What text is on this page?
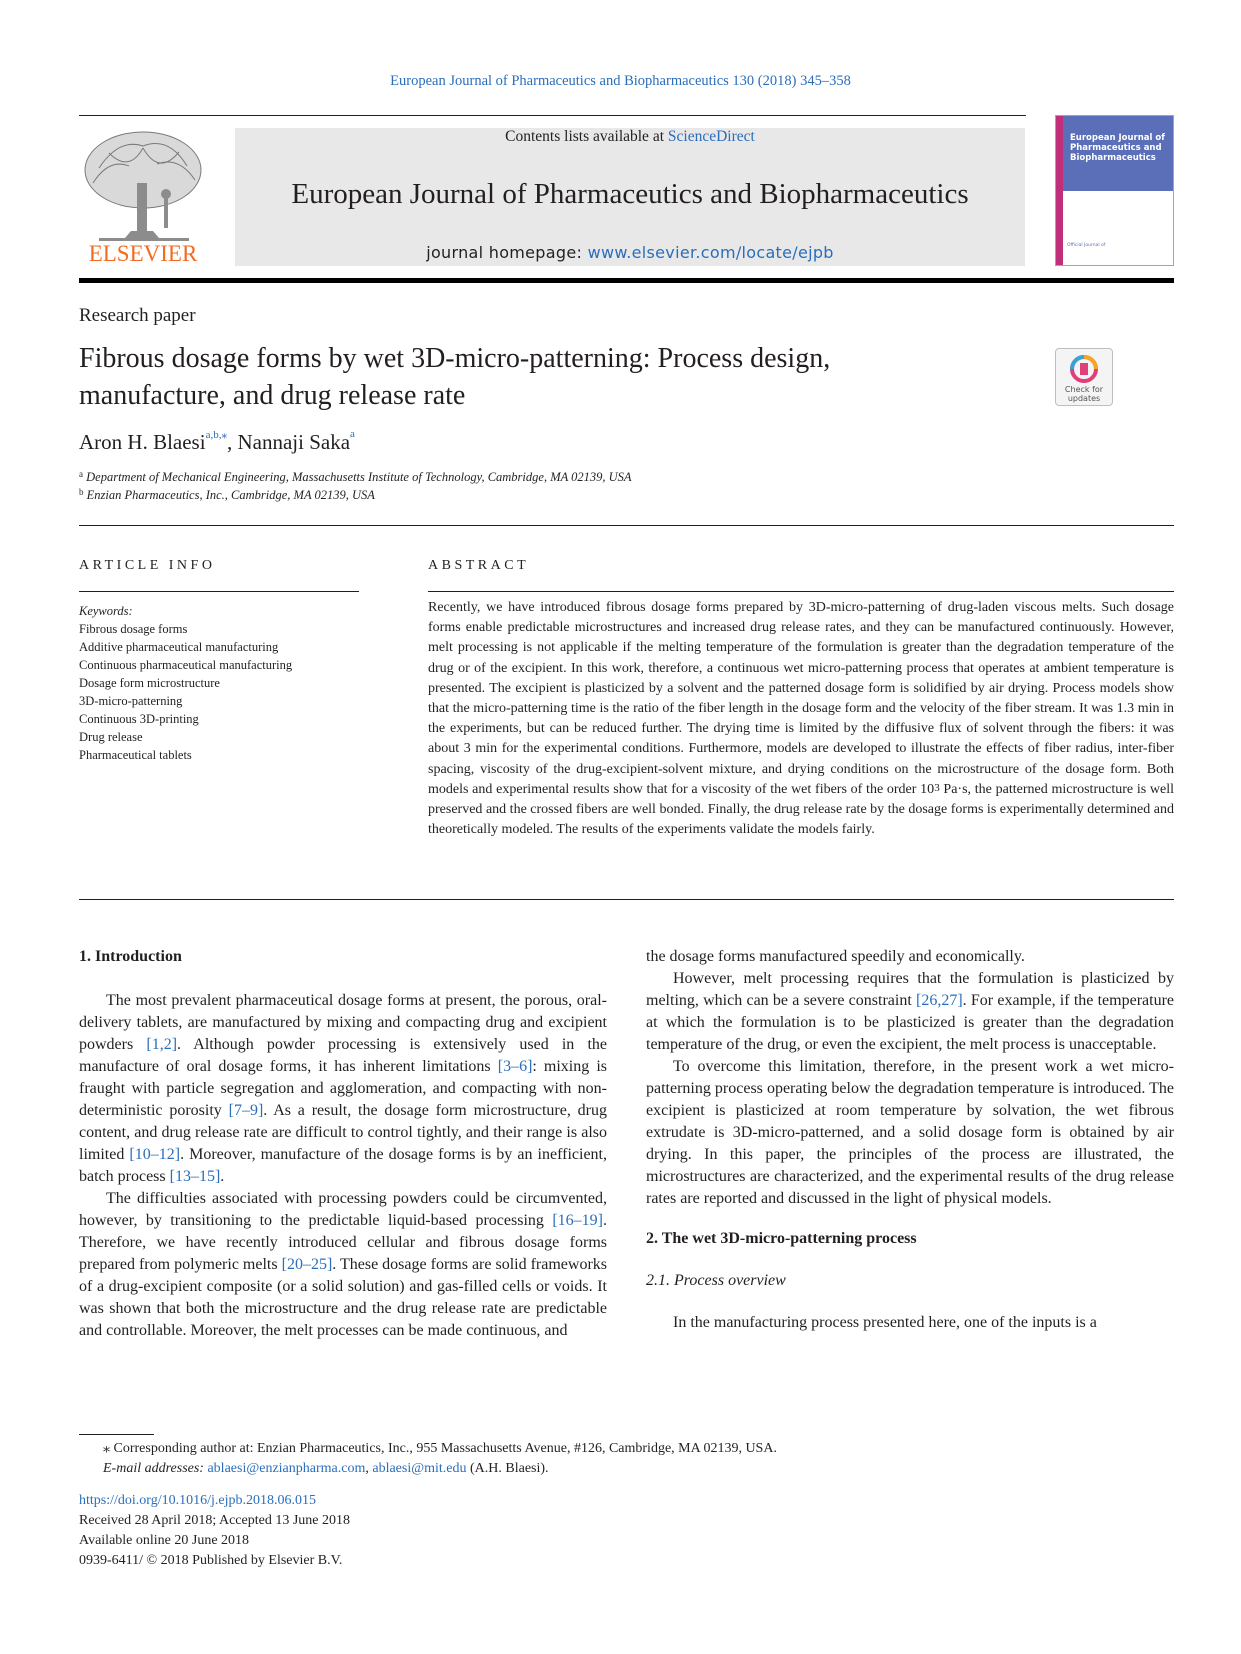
European Journal of Pharmaceutics and Biopharmaceutics 130 (2018) 345–358
ELSEVIER
Contents lists available at ScienceDirect
European Journal of Pharmaceutics and Biopharmaceutics
journal homepage: www.elsevier.com/locate/ejpb
European Journal of Pharmaceutics and Biopharmaceutics
Official Journal of
Research paper
Fibrous dosage forms by wet 3D-micro-patterning: Process design,
manufacture, and drug release rate	Check for updates
Aron H. Blaesi$^{a,b,⁎}$, Nannaji Saka$^a$
$^a$ Department of Mechanical Engineering, Massachusetts Institute of Technology, Cambridge, MA 02139, USA
$^b$ Enzian Pharmaceutics, Inc., Cambridge, MA 02139, USA
ARTICLE INFO	ABSTRACT
Keywords:
Fibrous dosage forms
Additive pharmaceutical manufacturing
Continuous pharmaceutical manufacturing
Dosage form microstructure
3D-micro-patterning
Continuous 3D-printing
Drug release
Pharmaceutical tablets
Recently, we have introduced fibrous dosage forms prepared by 3D-micro-patterning of drug-laden viscous melts. Such dosage forms enable predictable microstructures and increased drug release rates, and they can be manufactured continuously. However, melt processing is not applicable if the melting temperature of the formulation is greater than the degradation temperature of the drug or of the excipient. In this work, therefore, a continuous wet micro-patterning process that operates at ambient temperature is presented. The excipient is plasticized by a solvent and the patterned dosage form is solidified by air drying. Process models show that the micro-patterning time is the ratio of the fiber length in the dosage form and the velocity of the fiber stream. It was 1.3 min in the experiments, but can be reduced further. The drying time is limited by the diffusive flux of solvent through the fibers: it was about 3 min for the experimental conditions. Furthermore, models are developed to illustrate the effects of fiber radius, inter-fiber spacing, viscosity of the drug-excipient-solvent mixture, and drying conditions on the microstructure of the dosage form. Both models and experimental results show that for a viscosity of the wet fibers of the order $10^3$ Pa·s, the patterned microstructure is well preserved and the crossed fibers are well bonded. Finally, the drug release rate by the dosage forms is experimentally determined and theoretically modeled. The results of the experiments validate the models fairly.

1. Introduction

The most prevalent pharmaceutical dosage forms at present, the porous, oral-delivery tablets, are manufactured by mixing and compacting drug and excipient powders [1,2]. Although powder processing is extensively used in the manufacture of oral dosage forms, it has inherent limitations [3–6]: mixing is fraught with particle segregation and agglomeration, and compacting with non-deterministic porosity [7–9]. As a result, the dosage form microstructure, drug content, and drug release rate are difficult to control tightly, and their range is also limited [10–12]. Moreover, manufacture of the dosage forms is by an inefficient, batch process [13–15].

The difficulties associated with processing powders could be circumvented, however, by transitioning to the predictable liquid-based processing [16–19]. Therefore, we have recently introduced cellular and fibrous dosage forms prepared from polymeric melts [20–25]. These dosage forms are solid frameworks of a drug-excipient composite (or a solid solution) and gas-filled cells or voids. It was shown that both the microstructure and the drug release rate are predictable and controllable. Moreover, the melt processes can be made continuous, and

the dosage forms manufactured speedily and economically.

However, melt processing requires that the formulation is plasticized by melting, which can be a severe constraint [26,27]. For example, if the temperature at which the formulation is to be plasticized is greater than the degradation temperature of the drug, or even the excipient, the melt process is unacceptable.

To overcome this limitation, therefore, in the present work a wet micro-patterning process operating below the degradation temperature is introduced. The excipient is plasticized at room temperature by solvation, the wet fibrous extrudate is 3D-micro-patterned, and a solid dosage form is obtained by air drying. In this paper, the principles of the process are illustrated, the microstructures are characterized, and the experimental results of the drug release rates are reported and discussed in the light of physical models.

2. The wet 3D-micro-patterning process

2.1. Process overview

In the manufacturing process presented here, one of the inputs is a

⁎ Corresponding author at: Enzian Pharmaceutics, Inc., 955 Massachusetts Avenue, #126, Cambridge, MA 02139, USA.
E-mail addresses: ablaesi@enzianpharma.com, ablaesi@mit.edu (A.H. Blaesi).
https://doi.org/10.1016/j.ejpb.2018.06.015
Received 28 April 2018; Accepted 13 June 2018
Available online 20 June 2018
0939-6411/ © 2018 Published by Elsevier B.V.
